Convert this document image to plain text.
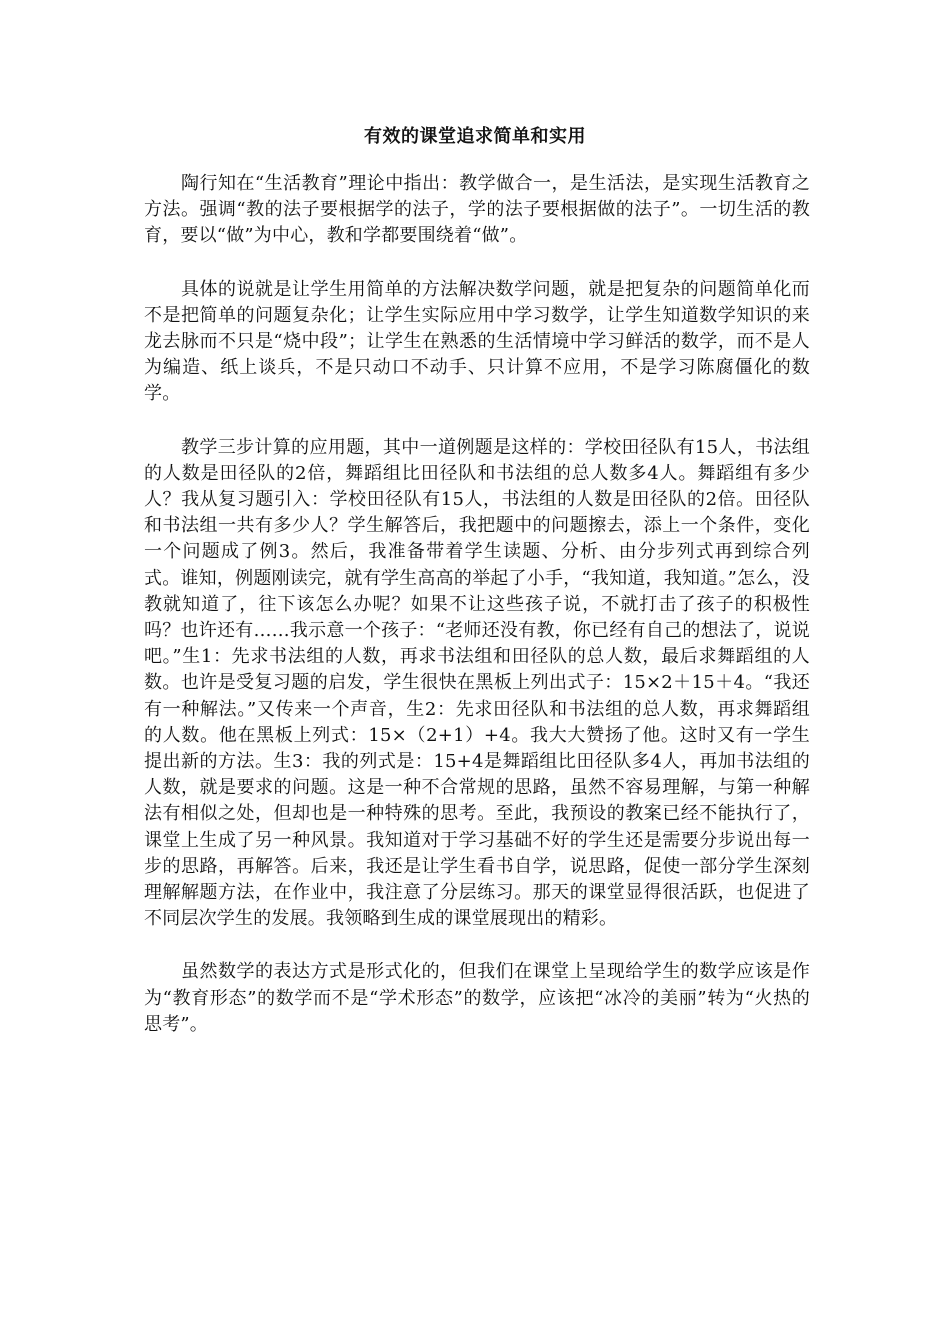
有效的课堂追求简单和实用

陶行知在“生活教育”理论中指出：教学做合一，是生活法，是实现生活教育之方法。强调“教的法子要根据学的法子，学的法子要根据做的法子”。一切生活的教育，要以“做”为中心，教和学都要围绕着“做”。

具体的说就是让学生用简单的方法解决数学问题，就是把复杂的问题简单化而不是把简单的问题复杂化；让学生实际应用中学习数学，让学生知道数学知识的来龙去脉而不只是“烧中段”；让学生在熟悉的生活情境中学习鲜活的数学，而不是人为编造、纸上谈兵，不是只动口不动手、只计算不应用，不是学习陈腐僵化的数学。

教学三步计算的应用题，其中一道例题是这样的：学校田径队有15人，书法组的人数是田径队的2倍，舞蹈组比田径队和书法组的总人数多4人。舞蹈组有多少人？我从复习题引入：学校田径队有15人，书法组的人数是田径队的2倍。田径队和书法组一共有多少人？学生解答后，我把题中的问题擦去，添上一个条件，变化一个问题成了例3。然后，我准备带着学生读题、分析、由分步列式再到综合列式。谁知，例题刚读完，就有学生高高的举起了小手，“我知道，我知道。”怎么，没教就知道了，往下该怎么办呢？如果不让这些孩子说，不就打击了孩子的积极性吗？也许还有……我示意一个孩子：“老师还没有教，你已经有自己的想法了，说说吧。”生1：先求书法组的人数，再求书法组和田径队的总人数，最后求舞蹈组的人数。也许是受复习题的启发，学生很快在黑板上列出式子：15×2＋15＋4。“我还有一种解法。”又传来一个声音，生2：先求田径队和书法组的总人数，再求舞蹈组的人数。他在黑板上列式：15×（2+1）+4。我大大赞扬了他。这时又有一学生提出新的方法。生3：我的列式是：15+4是舞蹈组比田径队多4人，再加书法组的人数，就是要求的问题。这是一种不合常规的思路，虽然不容易理解，与第一种解法有相似之处，但却也是一种特殊的思考。至此，我预设的教案已经不能执行了，课堂上生成了另一种风景。我知道对于学习基础不好的学生还是需要分步说出每一步的思路，再解答。后来，我还是让学生看书自学，说思路，促使一部分学生深刻理解解题方法，在作业中，我注意了分层练习。那天的课堂显得很活跃，也促进了不同层次学生的发展。我领略到生成的课堂展现出的精彩。

虽然数学的表达方式是形式化的，但我们在课堂上呈现给学生的数学应该是作为“教育形态”的数学而不是“学术形态”的数学，应该把“冰冷的美丽”转为“火热的思考”。
